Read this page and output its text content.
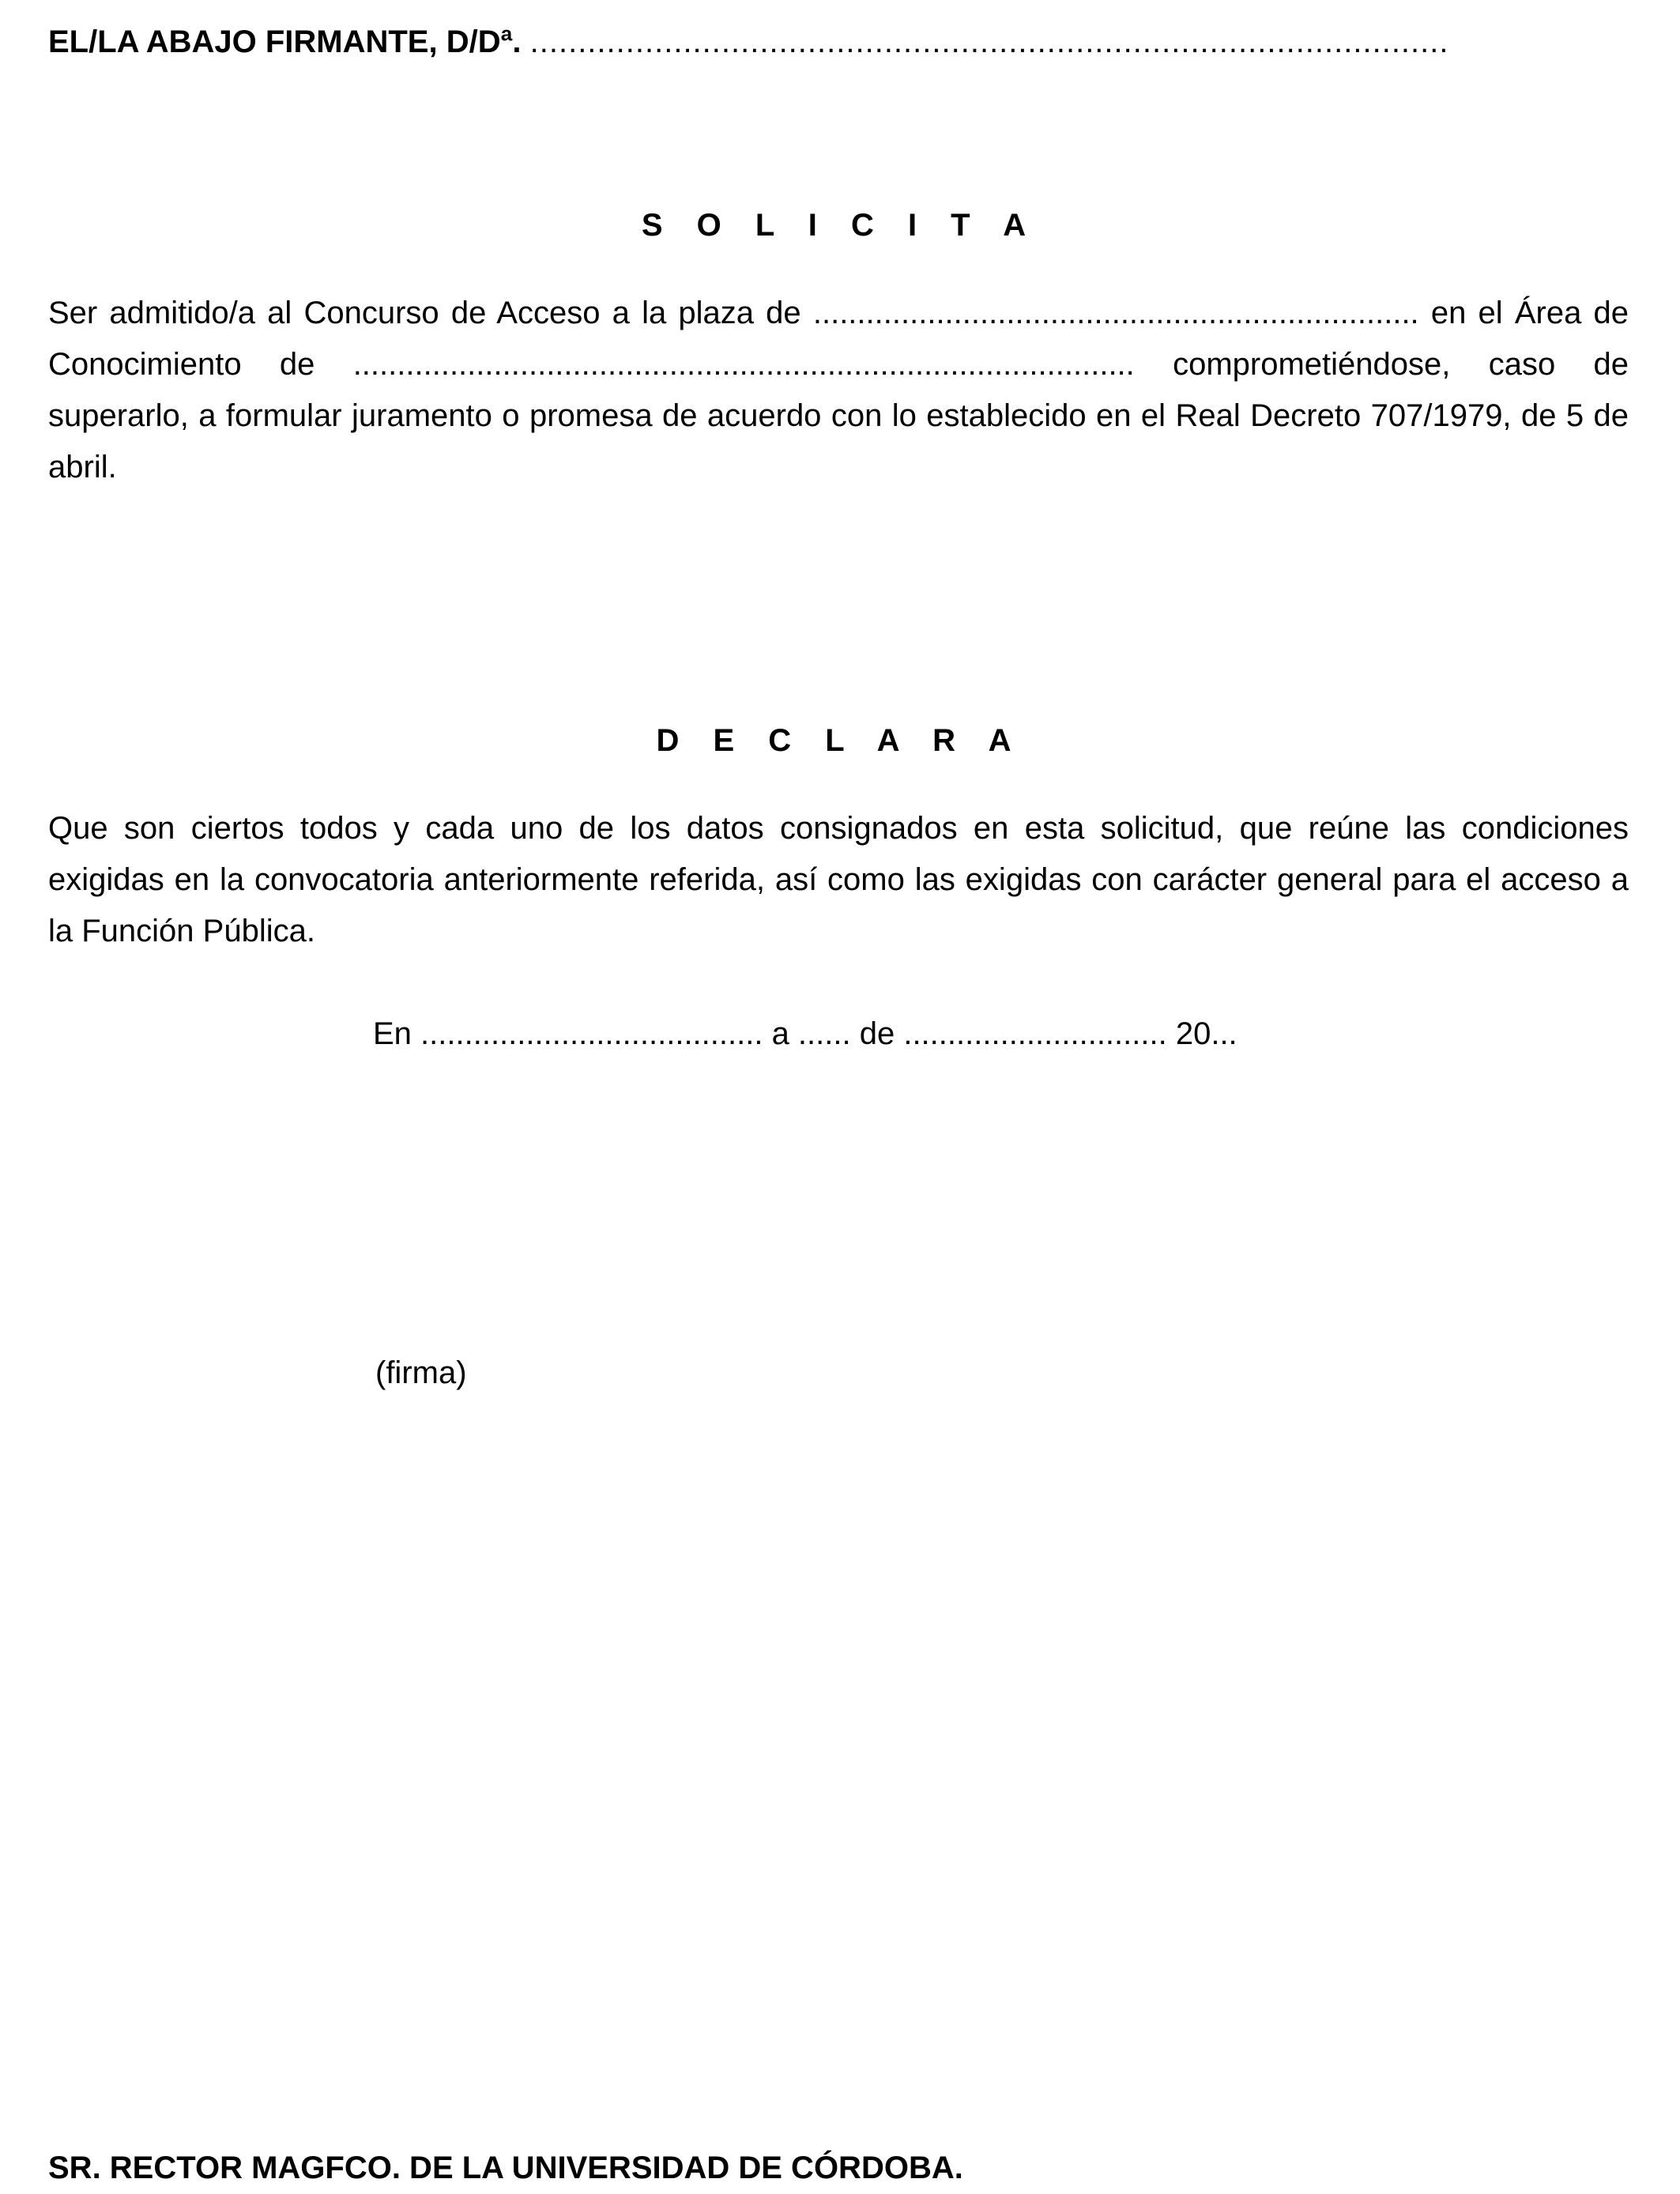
EL/LA ABAJO FIRMANTE, D/Dª. ................................................................................................
S O L I C I T A
Ser admitido/a al Concurso de Acceso a la plaza de ..................................................................... en el Área de Conocimiento de ......................................................................................... comprometiéndose, caso de superarlo, a formular juramento o promesa de acuerdo con lo establecido en el Real Decreto 707/1979, de 5 de abril.
D E C L A R A
Que son ciertos todos y cada uno de los datos consignados en esta solicitud, que reúne las condiciones exigidas en la convocatoria anteriormente referida, así como las exigidas con carácter general para el acceso a la Función Pública.
En ....................................... a ...... de .............................. 20...
(firma)
SR. RECTOR MAGFCO. DE LA UNIVERSIDAD DE CÓRDOBA.
